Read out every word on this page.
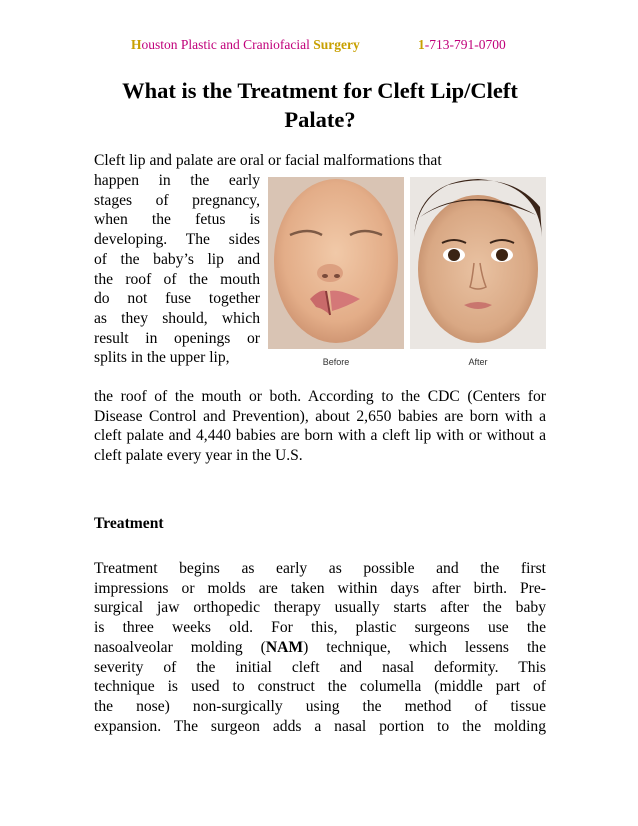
Houston Plastic and Craniofacial Surgery	1-713-791-0700
What is the Treatment for Cleft Lip/Cleft Palate?

Cleft lip and palate are oral or facial malformations that

happen in the early
stages of pregnancy,
when the fetus is
developing. The sides
of the baby’s lip and
the roof of the mouth
do not fuse together
as they should, which
result in openings or
splits in the upper lip,	Before	After

the roof of the mouth or both. According to the CDC (Centers for Disease Control and Prevention), about 2,650 babies are born with a cleft palate and 4,440 babies are born with a cleft lip with or without a cleft palate every year in the U.S.

Treatment
Treatment begins as early as possible and the first
impressions or molds are taken within days after birth. Pre-
surgical jaw orthopedic therapy usually starts after the baby
is three weeks old. For this, plastic surgeons use the
nasoalveolar molding (NAM) technique, which lessens the
severity of the initial cleft and nasal deformity. This
technique is used to construct the columella (middle part of
the nose) non-surgically using the method of tissue
expansion. The surgeon adds a nasal portion to the molding
